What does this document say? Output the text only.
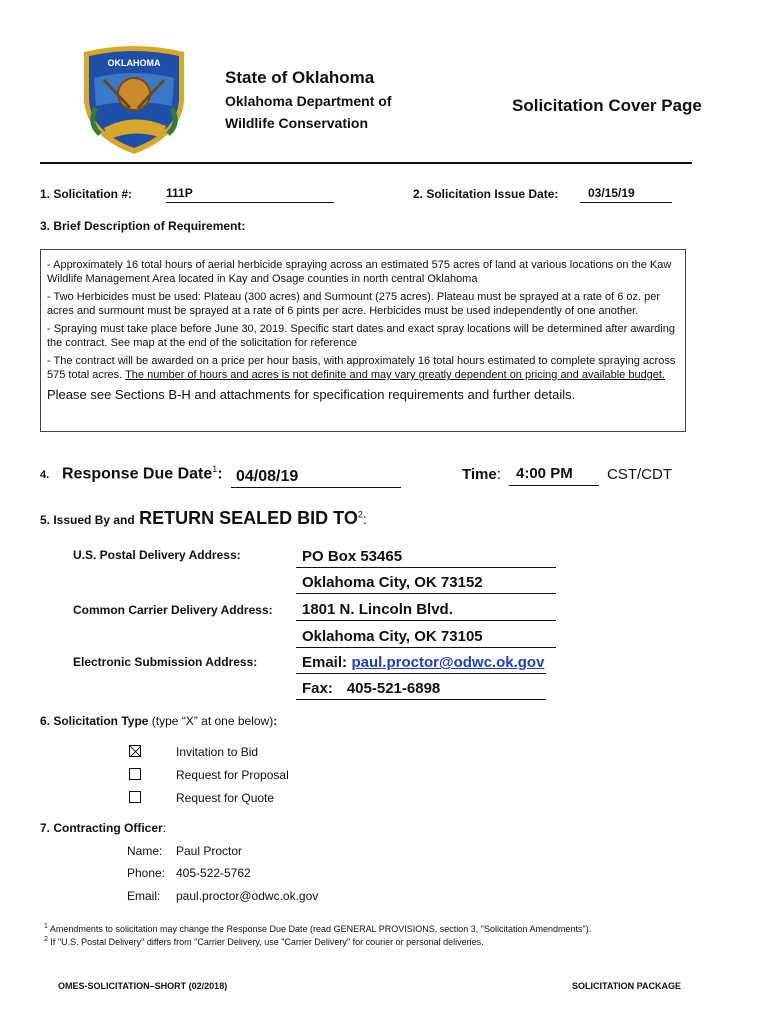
OKLAHOMA
State of Oklahoma
Oklahoma Department of
Wildlife Conservation
Solicitation Cover Page
1. Solicitation #:	111P	2. Solicitation Issue Date:	03/15/19
3. Brief Description of Requirement:

- Approximately 16 total hours of aerial herbicide spraying across an estimated 575 acres of land at various locations on the Kaw Wildlife Management Area located in Kay and Osage counties in north central Oklahoma

- Two Herbicides must be used: Plateau (300 acres) and Surmount (275 acres). Plateau must be sprayed at a rate of 6 oz. per acres and surmount must be sprayed at a rate of 6 pints per acre. Herbicides must be used independently of one another.

- Spraying must take place before June 30, 2019. Specific start dates and exact spray locations will be determined after awarding the contract. See map at the end of the solicitation for reference

- The contract will be awarded on a price per hour basis, with approximately 16 total hours estimated to complete spraying across 575 total acres. The number of hours and acres is not definite and may vary greatly dependent on pricing and available budget.

Please see Sections B-H and attachments for specification requirements and further details.
4. Response Due Date$^1$: 04/08/19	Time:	4:00 PM	CST/CDT
5. Issued By and RETURN SEALED BID $TO^2$:
U.S. Postal Delivery Address:	PO Box 53465
Oklahoma City, OK 73152
Common Carrier Delivery Address:	1801 N. Lincoln Blvd.
Oklahoma City, OK 73105
Electronic Submission Address:	Email: paul.proctor@odwc.ok.gov
Fax: 405-521-6898
6. Solicitation Type (type “X” at one below):
Invitation to Bid
Request for Proposal
Request for Quote
7. Contracting Officer:
Name: Paul Proctor
Phone: 405-522-5762
Email: paul.proctor@odwc.ok.gov
$^1$ Amendments to solicitation may change the Response Due Date (read GENERAL PROVISIONS, section 3, "Solicitation Amendments").
$^2$ If "U.S. Postal Delivery" differs from "Carrier Delivery, use "Carrier Delivery" for courier or personal deliveries.
OMES-SOLICITATION–SHORT (02/2018)	SOLICITATION PACKAGE
